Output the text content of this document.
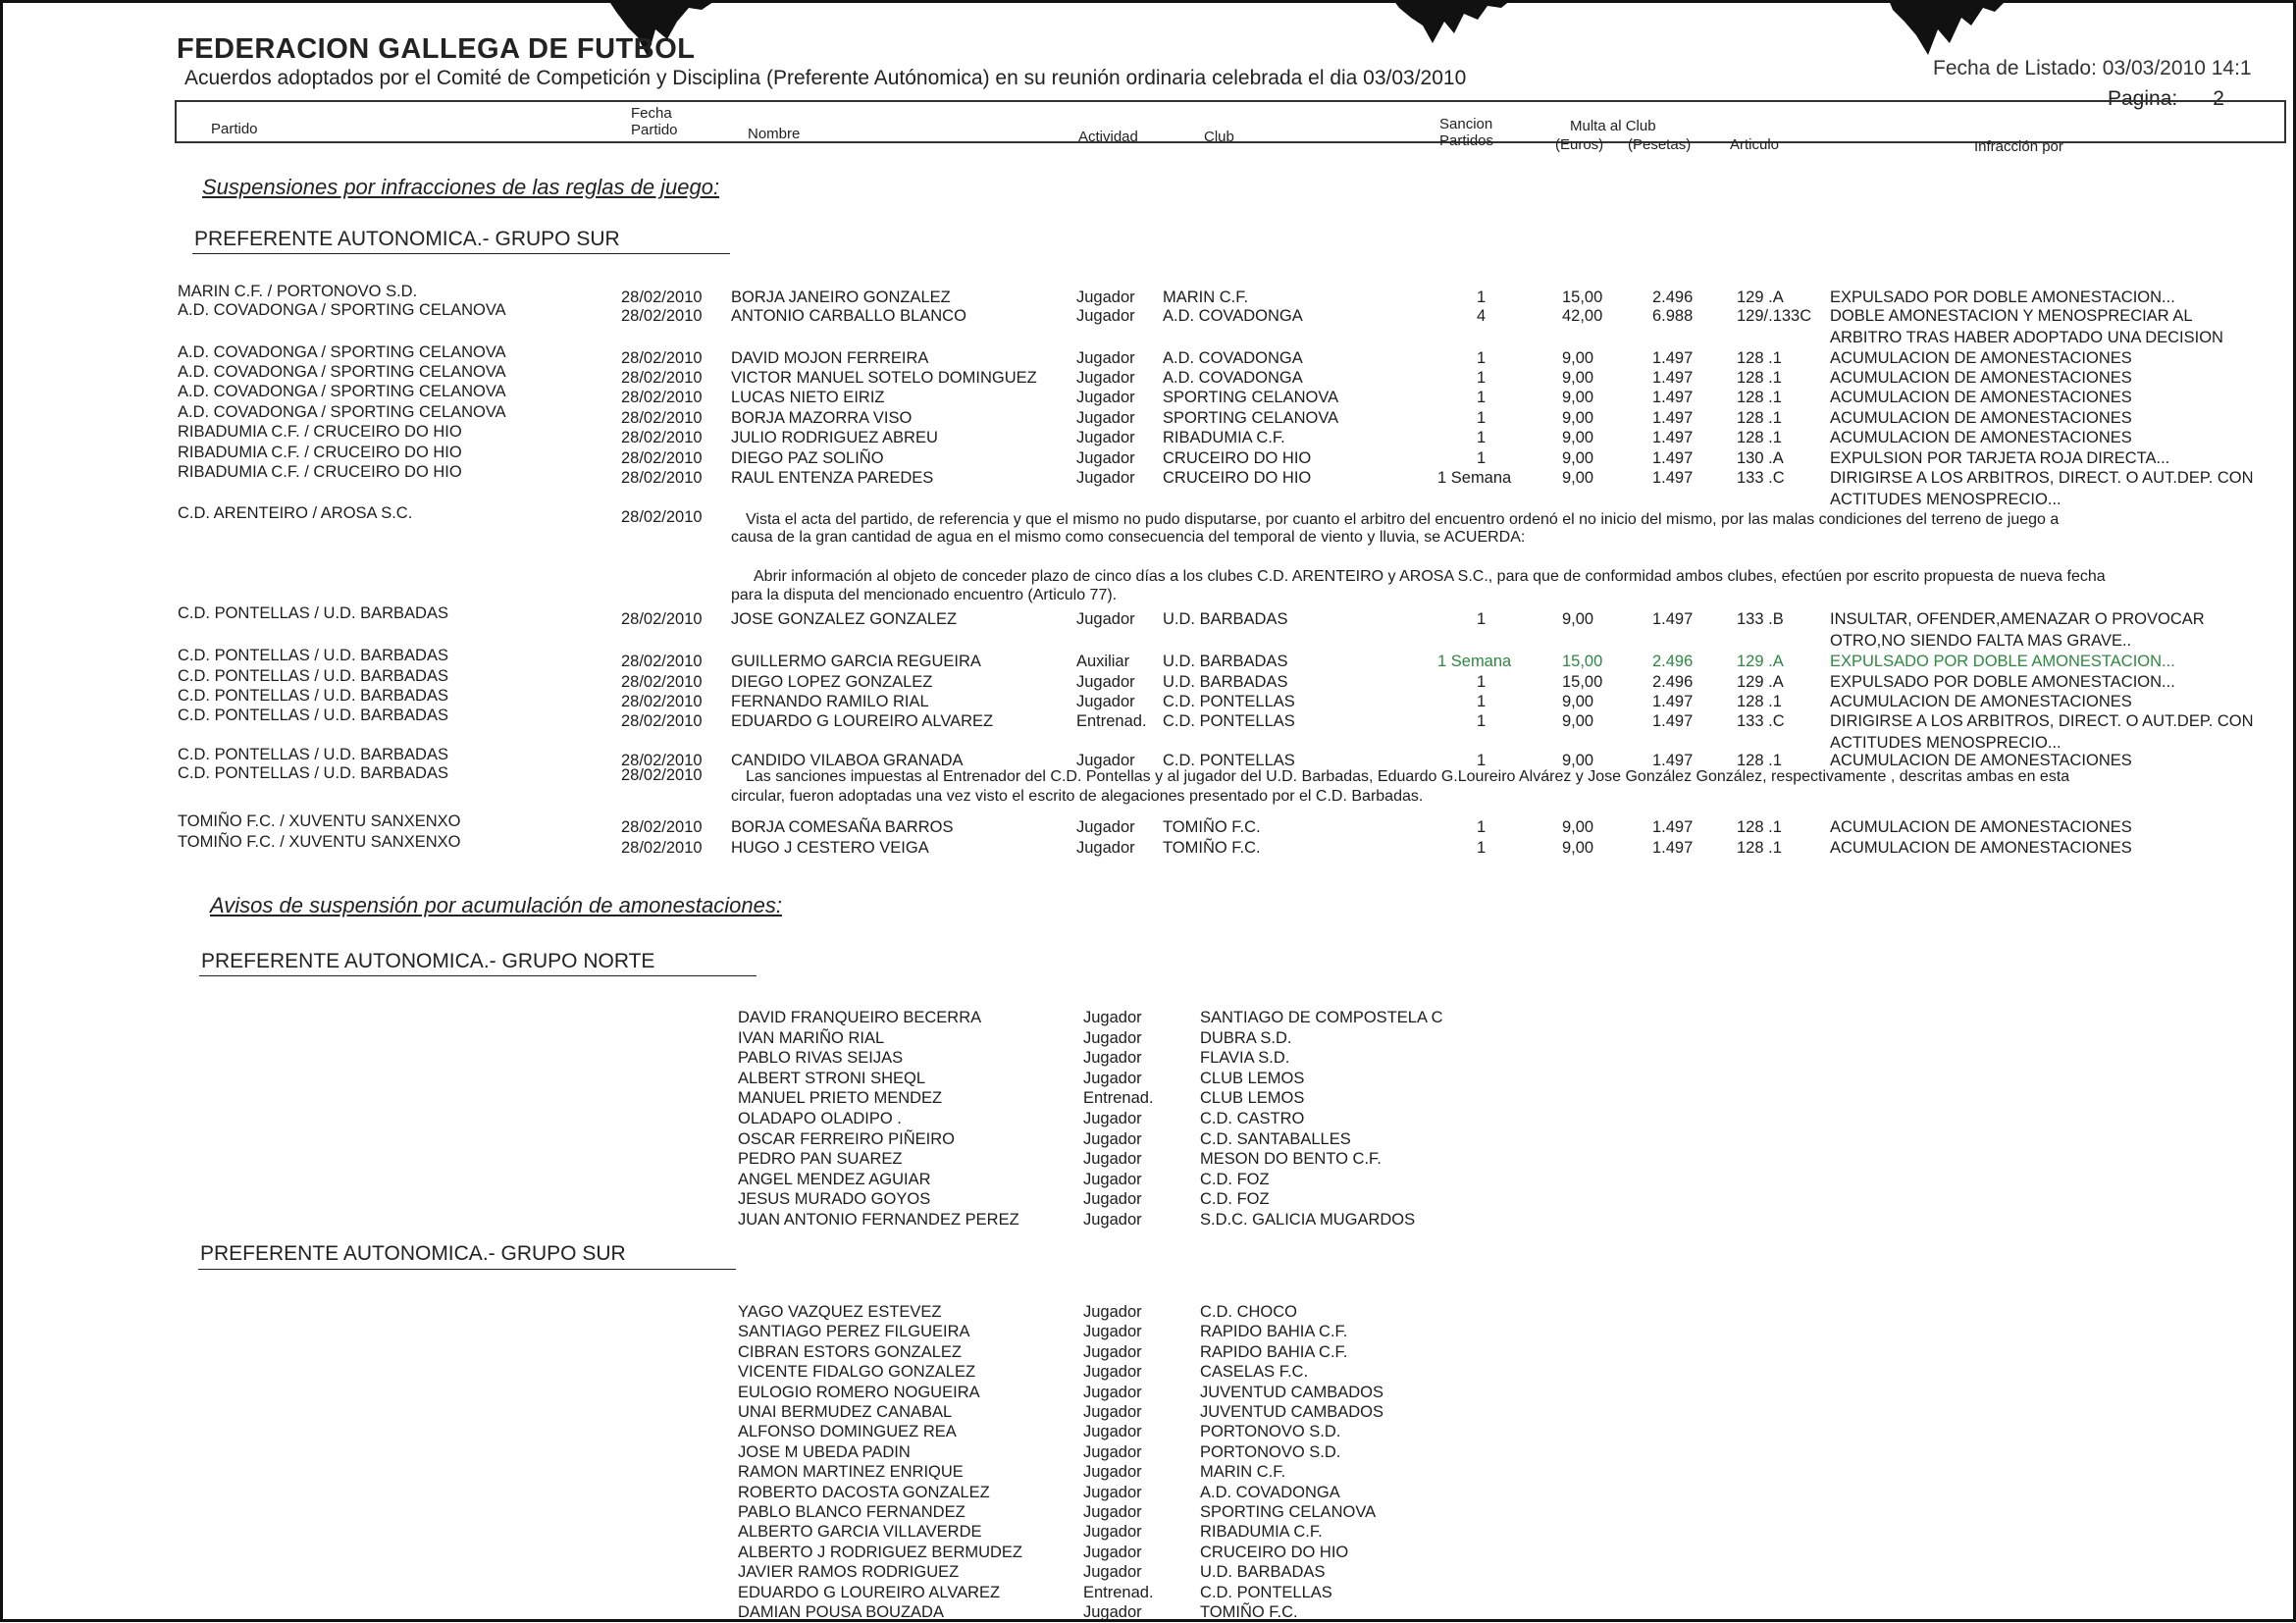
FEDERACION GALLEGA DE FUTBOL
Acuerdos adoptados por el Comité de Competición y Disciplina (Preferente Autónomica) en su reunión ordinaria celebrada el dia 03/03/2010	Fecha de Listado: 03/03/2010 14:1
Pagina: 2
Partido
Fecha
Partido	Nombre	Actividad	Club
Sancion
Partidos
Multa al Club
(Euros) (Pesetas)	Articulo	Infracción por
Suspensiones por infracciones de las reglas de juego:
PREFERENTE AUTONOMICA.- GRUPO SUR
MARIN C.F. / PORTONOVO S.D.	28/02/2010 BORJA JANEIRO GONZALEZ	Jugador MARIN C.F.	1	15,00	2.496	129 .A	EXPULSADO POR DOBLE AMONESTACION...
A.D. COVADONGA / SPORTING CELANOVA	28/02/2010 ANTONIO CARBALLO BLANCO	Jugador A.D. COVADONGA	4	42,00	6.988	129/.133C DOBLE AMONESTACION Y MENOSPRECIAR AL
ARBITRO TRAS HABER ADOPTADO UNA DECISION
A.D. COVADONGA / SPORTING CELANOVA	28/02/2010 DAVID MOJON FERREIRA	Jugador A.D. COVADONGA	1	9,00	1.497	128 .1	ACUMULACION DE AMONESTACIONES
A.D. COVADONGA / SPORTING CELANOVA	28/02/2010 VICTOR MANUEL SOTELO DOMINGUEZ Jugador A.D. COVADONGA	1	9,00	1.497	128 .1	ACUMULACION DE AMONESTACIONES
A.D. COVADONGA / SPORTING CELANOVA	28/02/2010 LUCAS NIETO EIRIZ	Jugador SPORTING CELANOVA	1	9,00	1.497	128 .1	ACUMULACION DE AMONESTACIONES
A.D. COVADONGA / SPORTING CELANOVA	28/02/2010 BORJA MAZORRA VISO	Jugador SPORTING CELANOVA	1	9,00	1.497	128 .1	ACUMULACION DE AMONESTACIONES
RIBADUMIA C.F. / CRUCEIRO DO HIO	28/02/2010 JULIO RODRIGUEZ ABREU	Jugador RIBADUMIA C.F.	1	9,00	1.497	128 .1	ACUMULACION DE AMONESTACIONES
RIBADUMIA C.F. / CRUCEIRO DO HIO	28/02/2010 DIEGO PAZ SOLIÑO	Jugador CRUCEIRO DO HIO	1	9,00	1.497	130 .A	EXPULSION POR TARJETA ROJA DIRECTA...
RIBADUMIA C.F. / CRUCEIRO DO HIO	28/02/2010 RAUL ENTENZA PAREDES	Jugador CRUCEIRO DO HIO	1 Semana	9,00	1.497	133 .C	DIRIGIRSE A LOS ARBITROS, DIRECT. O AUT.DEP. CON
ACTITUDES MENOSPRECIO...
C.D. ARENTEIRO / AROSA S.C.	28/02/2010	Vista el acta del partido, de referencia y que el mismo no pudo disputarse, por cuanto el arbitro del encuentro ordenó el no inicio del mismo, por las malas condiciones del terreno de juego a
causa de la gran cantidad de agua en el mismo como consecuencia del temporal de viento y lluvia, se ACUERDA:
Abrir información al objeto de conceder plazo de cinco días a los clubes C.D. ARENTEIRO y AROSA S.C., para que de conformidad ambos clubes, efectúen por escrito propuesta de nueva fecha
para la disputa del mencionado encuentro (Articulo 77).
C.D. PONTELLAS / U.D. BARBADAS	28/02/2010 JOSE GONZALEZ GONZALEZ	Jugador U.D. BARBADAS	1	9,00	1.497	133 .B	INSULTAR, OFENDER,AMENAZAR O PROVOCAR
OTRO,NO SIENDO FALTA MAS GRAVE..
C.D. PONTELLAS / U.D. BARBADAS	28/02/2010 GUILLERMO GARCIA REGUEIRA	Auxiliar U.D. BARBADAS	1 Semana	15,00	2.496	129 .A	EXPULSADO POR DOBLE AMONESTACION...
C.D. PONTELLAS / U.D. BARBADAS	28/02/2010 DIEGO LOPEZ GONZALEZ	Jugador U.D. BARBADAS	1	15,00	2.496	129 .A	EXPULSADO POR DOBLE AMONESTACION...
C.D. PONTELLAS / U.D. BARBADAS	28/02/2010 FERNANDO RAMILO RIAL	Jugador C.D. PONTELLAS	1	9,00	1.497	128 .1	ACUMULACION DE AMONESTACIONES
C.D. PONTELLAS / U.D. BARBADAS	28/02/2010 EDUARDO G LOUREIRO ALVAREZ	Entrenad. C.D. PONTELLAS	1	9,00	1.497	133 .C	DIRIGIRSE A LOS ARBITROS, DIRECT. O AUT.DEP. CON
ACTITUDES MENOSPRECIO...
C.D. PONTELLAS / U.D. BARBADAS	28/02/2010 CANDIDO VILABOA GRANADA	Jugador C.D. PONTELLAS	1	9,00	1.497	128 .1	ACUMULACION DE AMONESTACIONES
C.D. PONTELLAS / U.D. BARBADAS	28/02/2010	Las sanciones impuestas al Entrenador del C.D. Pontellas y al jugador del U.D. Barbadas, Eduardo G.Loureiro Alvárez y Jose González González, respectivamente , descritas ambas en esta
circular, fueron adoptadas una vez visto el escrito de alegaciones presentado por el C.D. Barbadas.
TOMIÑO F.C. / XUVENTU SANXENXO	28/02/2010 BORJA COMESAÑA BARROS	Jugador TOMIÑO F.C.	1	9,00	1.497	128 .1	ACUMULACION DE AMONESTACIONES
TOMIÑO F.C. / XUVENTU SANXENXO	28/02/2010 HUGO J CESTERO VEIGA	Jugador TOMIÑO F.C.	1	9,00	1.497	128 .1	ACUMULACION DE AMONESTACIONES
Avisos de suspensión por acumulación de amonestaciones:
PREFERENTE AUTONOMICA.- GRUPO NORTE
DAVID FRANQUEIRO BECERRA	Jugador	SANTIAGO DE COMPOSTELA C
IVAN MARIÑO RIAL	Jugador	DUBRA S.D.
PABLO RIVAS SEIJAS	Jugador	FLAVIA S.D.
ALBERT STRONI SHEQL	Jugador	CLUB LEMOS
MANUEL PRIETO MENDEZ	Entrenad.	CLUB LEMOS
OLADAPO OLADIPO .	Jugador	C.D. CASTRO
OSCAR FERREIRO PIÑEIRO	Jugador	C.D. SANTABALLES
PEDRO PAN SUAREZ	Jugador	MESON DO BENTO C.F.
ANGEL MENDEZ AGUIAR	Jugador	C.D. FOZ
JESUS MURADO GOYOS	Jugador	C.D. FOZ
JUAN ANTONIO FERNANDEZ PEREZ	Jugador	S.D.C. GALICIA MUGARDOS
PREFERENTE AUTONOMICA.- GRUPO SUR
YAGO VAZQUEZ ESTEVEZ	Jugador	C.D. CHOCO
SANTIAGO PEREZ FILGUEIRA	Jugador	RAPIDO BAHIA C.F.
CIBRAN ESTORS GONZALEZ	Jugador	RAPIDO BAHIA C.F.
VICENTE FIDALGO GONZALEZ	Jugador	CASELAS F.C.
EULOGIO ROMERO NOGUEIRA	Jugador	JUVENTUD CAMBADOS
UNAI BERMUDEZ CANABAL	Jugador	JUVENTUD CAMBADOS
ALFONSO DOMINGUEZ REA	Jugador	PORTONOVO S.D.
JOSE M UBEDA PADIN	Jugador	PORTONOVO S.D.
RAMON MARTINEZ ENRIQUE	Jugador	MARIN C.F.
ROBERTO DACOSTA GONZALEZ	Jugador	A.D. COVADONGA
PABLO BLANCO FERNANDEZ	Jugador	SPORTING CELANOVA
ALBERTO GARCIA VILLAVERDE	Jugador	RIBADUMIA C.F.
ALBERTO J RODRIGUEZ BERMUDEZ	Jugador	CRUCEIRO DO HIO
JAVIER RAMOS RODRIGUEZ	Jugador	U.D. BARBADAS
EDUARDO G LOUREIRO ALVAREZ	Entrenad.	C.D. PONTELLAS
DAMIAN POUSA BOUZADA	Jugador	TOMIÑO F.C.
